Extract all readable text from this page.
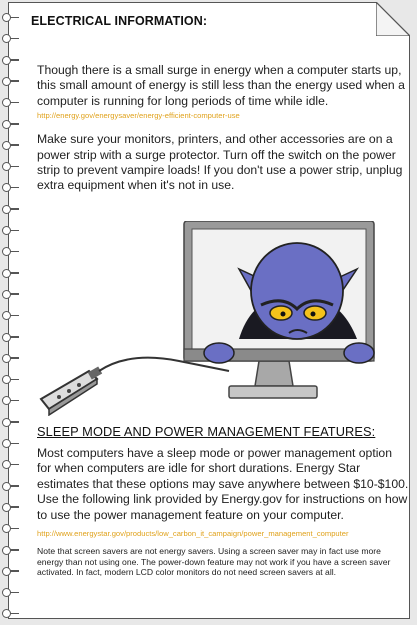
ELECTRICAL INFORMATION:

Though there is a small surge in energy when a computer starts up, this small amount of energy is still less than the energy used when a computer is running for long periods of time while idle.

http://energy.gov/energysaver/energy-efficient-computer-use

Make sure your monitors, printers, and other accessories are on a power strip with a surge protector. Turn off the switch on the power strip to prevent vampire loads! If you don't use a power strip, unplug extra equipment when it's not in use.

SLEEP MODE AND POWER MANAGEMENT FEATURES:

Most computers have a sleep mode or power management option for when computers are idle for short durations. Energy Star estimates that these options may save anywhere between $10-$100. Use the following link provided by Energy.gov for instructions on how to use the power management feature on your computer.

http://www.energystar.gov/products/low_carbon_it_campaign/power_management_computer

Note that screen savers are not energy savers. Using a screen saver may in fact use more energy than not using one. The power-down feature may not work if you have a screen saver activated. In fact, modern LCD color monitors do not need screen savers at all.
